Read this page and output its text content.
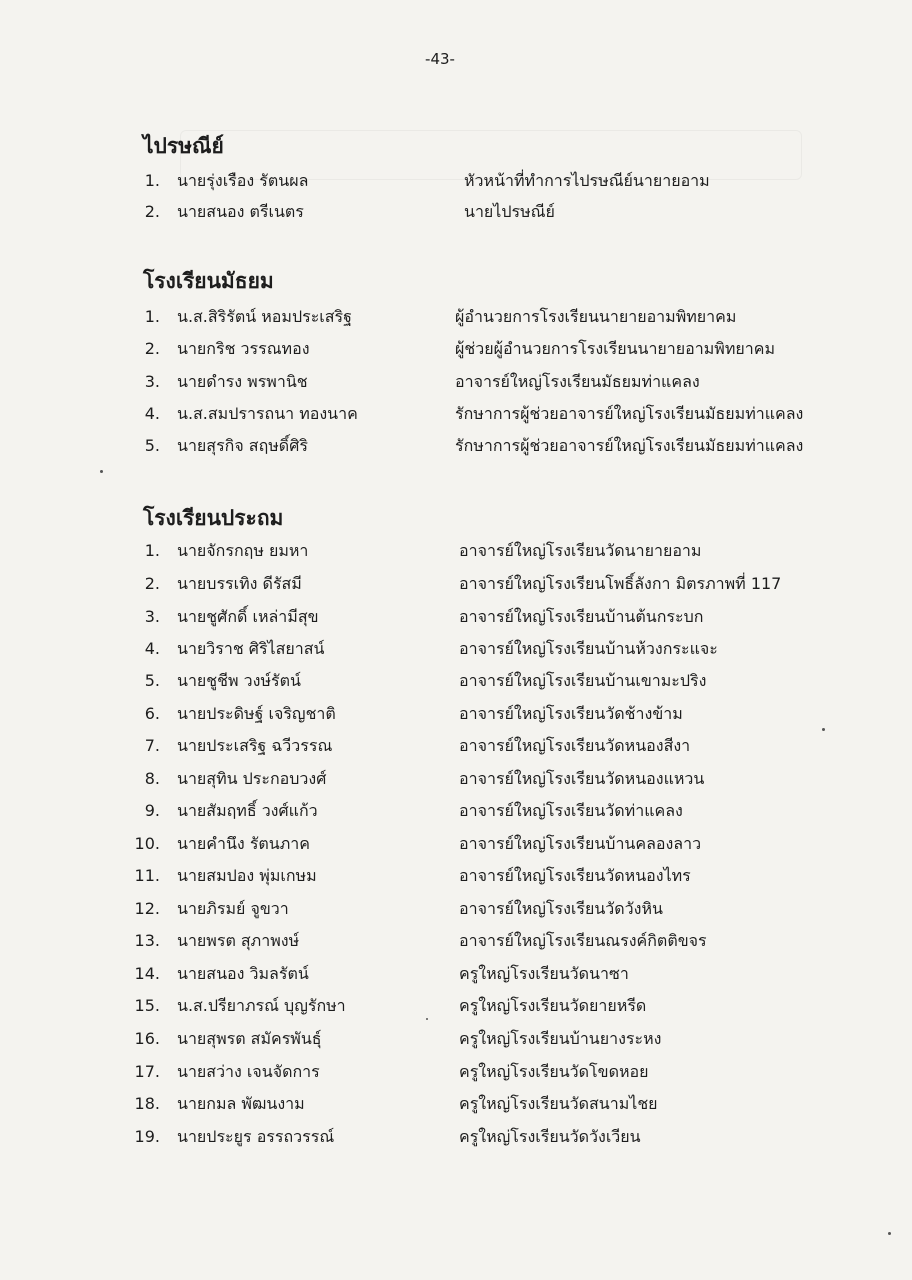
-43-
ไปรษณีย์
1. นายรุ่งเรือง รัตนผล	หัวหน้าที่ทำการไปรษณีย์นายายอาม
2. นายสนอง ตรีเนตร	นายไปรษณีย์
โรงเรียนมัธยม
1. น.ส.สิริรัตน์ หอมประเสริฐ	ผู้อำนวยการโรงเรียนนายายอามพิทยาคม
2. นายกริช วรรณทอง	ผู้ช่วยผู้อำนวยการโรงเรียนนายายอามพิทยาคม
3. นายดำรง พรพานิช	อาจารย์ใหญ่โรงเรียนมัธยมท่าแคลง
4. น.ส.สมปรารถนา ทองนาค	รักษาการผู้ช่วยอาจารย์ใหญ่โรงเรียนมัธยมท่าแคลง
5. นายสุรกิจ สฤษดิ์ศิริ	รักษาการผู้ช่วยอาจารย์ใหญ่โรงเรียนมัธยมท่าแคลง
โรงเรียนประถม
1. นายจักรกฤษ ยมหา	อาจารย์ใหญ่โรงเรียนวัดนายายอาม
2. นายบรรเทิง ดีรัสมี	อาจารย์ใหญ่โรงเรียนโพธิ์ลังกา มิตรภาพที่ 117
3. นายชูศักดิ์ เหล่ามีสุข	อาจารย์ใหญ่โรงเรียนบ้านต้นกระบก
4. นายวิราช ศิริไสยาสน์	อาจารย์ใหญ่โรงเรียนบ้านห้วงกระแจะ
5. นายชูชีพ วงษ์รัตน์	อาจารย์ใหญ่โรงเรียนบ้านเขามะปริง
6. นายประดิษฐ์ เจริญชาติ	อาจารย์ใหญ่โรงเรียนวัดช้างข้าม
7. นายประเสริฐ ฉวีวรรณ	อาจารย์ใหญ่โรงเรียนวัดหนองสีงา
8. นายสุทิน ประกอบวงศ์	อาจารย์ใหญ่โรงเรียนวัดหนองแหวน
9. นายสัมฤทธิ์ วงศ์แก้ว	อาจารย์ใหญ่โรงเรียนวัดท่าแคลง
10. นายคำนึง รัตนภาค	อาจารย์ใหญ่โรงเรียนบ้านคลองลาว
11. นายสมปอง พุ่มเกษม	อาจารย์ใหญ่โรงเรียนวัดหนองไทร
12. นายภิรมย์ จูขวา	อาจารย์ใหญ่โรงเรียนวัดวังหิน
13. นายพรต สุภาพงษ์	อาจารย์ใหญ่โรงเรียนณรงค์กิตติขจร
14. นายสนอง วิมลรัตน์	ครูใหญ่โรงเรียนวัดนาซา
15. น.ส.ปรียาภรณ์ บุญรักษา	ครูใหญ่โรงเรียนวัดยายหรีด
16. นายสุพรต สมัครพันธุ์	ครูใหญ่โรงเรียนบ้านยางระหง
17. นายสว่าง เจนจัดการ	ครูใหญ่โรงเรียนวัดโขดหอย
18. นายกมล พัฒนงาม	ครูใหญ่โรงเรียนวัดสนามไชย
19. นายประยูร อรรถวรรณ์	ครูใหญ่โรงเรียนวัดวังเวียน
